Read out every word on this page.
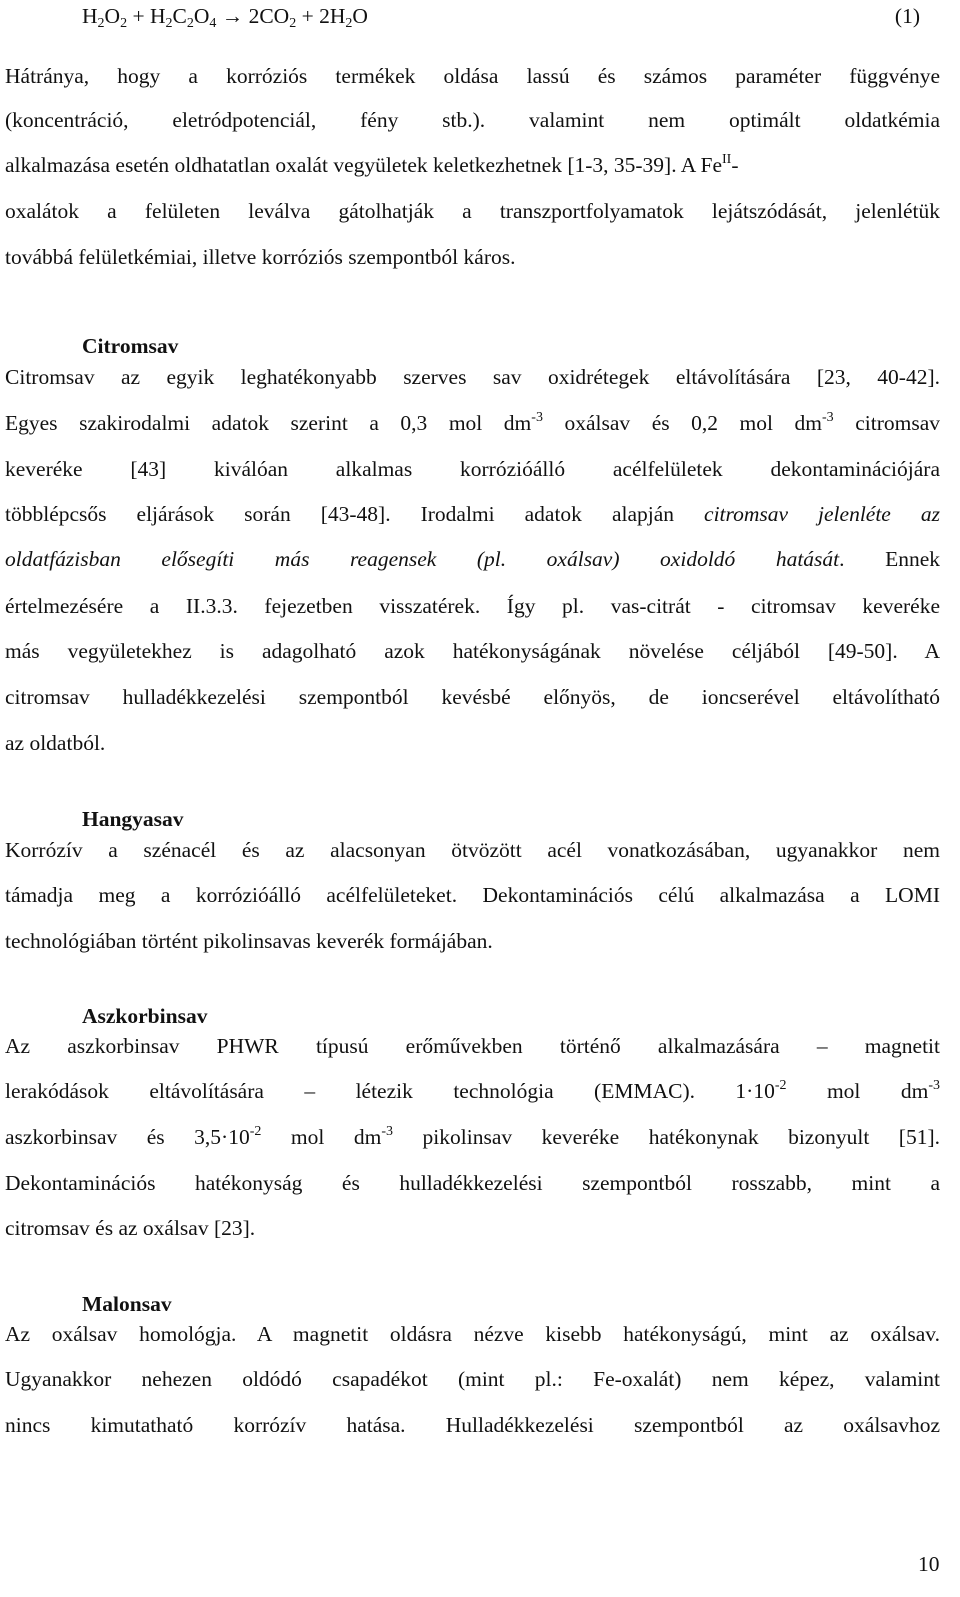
$H_2O_2 + H_2C_2O_4 \to 2CO_2 + 2H_2O$	(1)
Hátránya, hogy a korróziós termékek oldása lassú és számos paraméter függvénye
(koncentráció, eletródpotenciál, fény stb.). valamint nem optimált oldatkémia
alkalmazása esetén oldhatatlan oxalát vegyületek keletkezhetnek [1-3, 35-39]. A $Fe^{II}-$
oxalátok a felületen leválva gátolhatják a transzportfolyamatok lejátszódását, jelenlétük
továbbá felületkémiai, illetve korróziós szempontból káros.
Citromsav
Citromsav az egyik leghatékonyabb szerves sav oxidrétegek eltávolítására [23, 40-42].
Egyes szakirodalmi adatok szerint a 0,3 mol $dm^{-3}$ oxálsav és 0,2 mol $dm^{-3}$ citromsav
keveréke [43] kiválóan alkalmas korrózióálló acélfelületek dekontaminációjára
többlépcsős eljárások során [43-48]. Irodalmi adatok alapján citromsav jelenléte az
oldatfázisban elősegíti más reagensek (pl. oxálsav) oxidoldó hatását. Ennek
értelmezésére a II.3.3. fejezetben visszatérek. Így pl. vas-citrát - citromsav keveréke
más vegyületekhez is adagolható azok hatékonyságának növelése céljából [49-50]. A
citromsav hulladékkezelési szempontból kevésbé előnyös, de ioncserével eltávolítható
az oldatból.
Hangyasav
Korrózív a szénacél és az alacsonyan ötvözött acél vonatkozásában, ugyanakkor nem
támadja meg a korrózióálló acélfelületeket. Dekontaminációs célú alkalmazása a LOMI
technológiában történt pikolinsavas keverék formájában.
Aszkorbinsav
Az aszkorbinsav PHWR típusú erőművekben történő alkalmazására – magnetit
lerakódások eltávolítására – létezik technológia (EMMAC). $1\cdot 10^{-2}$ mol $dm^{-3}$
aszkorbinsav és $3,5\cdot 10^{-2}$ mol $dm^{-3}$ pikolinsav keveréke hatékonynak bizonyult [51].
Dekontaminációs hatékonyság és hulladékkezelési szempontból rosszabb, mint a
citromsav és az oxálsav [23].
Malonsav
Az oxálsav homológja. A magnetit oldásra nézve kisebb hatékonyságú, mint az oxálsav.
Ugyanakkor nehezen oldódó csapadékot (mint pl.: Fe-oxalát) nem képez, valamint
nincs kimutatható korrózív hatása. Hulladékkezelési szempontból az oxálsavhoz
10
